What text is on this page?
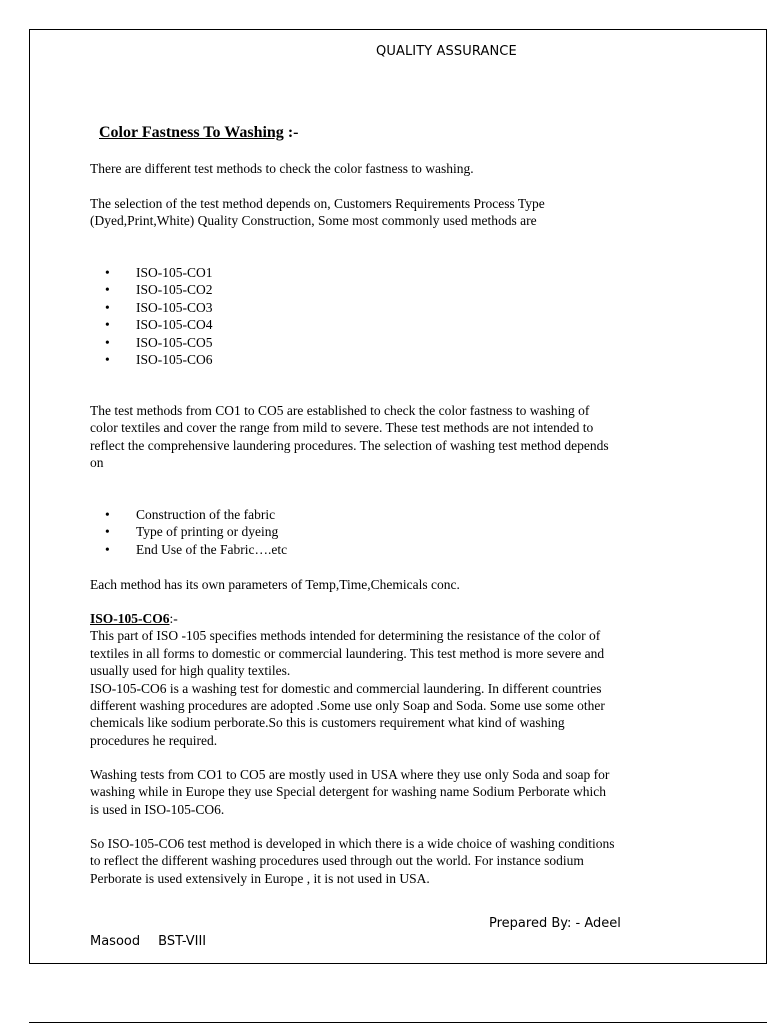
QUALITY ASSURANCE
Color Fastness To Washing :-

There are different test methods to check the color fastness to washing.

The selection of the test method depends on, Customers Requirements Process Type

(Dyed,Print,White) Quality Construction, Some most commonly used methods are

• ISO-105-CO1
• ISO-105-CO2
• ISO-105-CO3
• ISO-105-CO4
• ISO-105-CO5
• ISO-105-CO6

The test methods from CO1 to CO5 are established to check the color fastness to washing of

color textiles and cover the range from mild to severe. These test methods are not intended to

reflect the comprehensive laundering procedures. The selection of washing test method depends

on

• Construction of the fabric
• Type of printing or dyeing
• End Use of the Fabric….etc

Each method has its own parameters of Temp,Time,Chemicals conc.

ISO-105-CO6:-

This part of ISO -105 specifies methods intended for determining the resistance of the color of

textiles in all forms to domestic or commercial laundering. This test method is more severe and

usually used for high quality textiles.

ISO-105-CO6 is a washing test for domestic and commercial laundering. In different countries

different washing procedures are adopted .Some use only Soap and Soda. Some use some other

chemicals like sodium perborate.So this is customers requirement what kind of washing

procedures he required.

Washing tests from CO1 to CO5 are mostly used in USA where they use only Soda and soap for

washing while in Europe they use Special detergent for washing name Sodium Perborate which

is used in ISO-105-CO6.

So ISO-105-CO6 test method is developed in which there is a wide choice of washing conditions

to reflect the different washing procedures used through out the world. For instance sodium

Perborate is used extensively in Europe , it is not used in USA.

Prepared By: - Adeel
Masood BST-VIII
